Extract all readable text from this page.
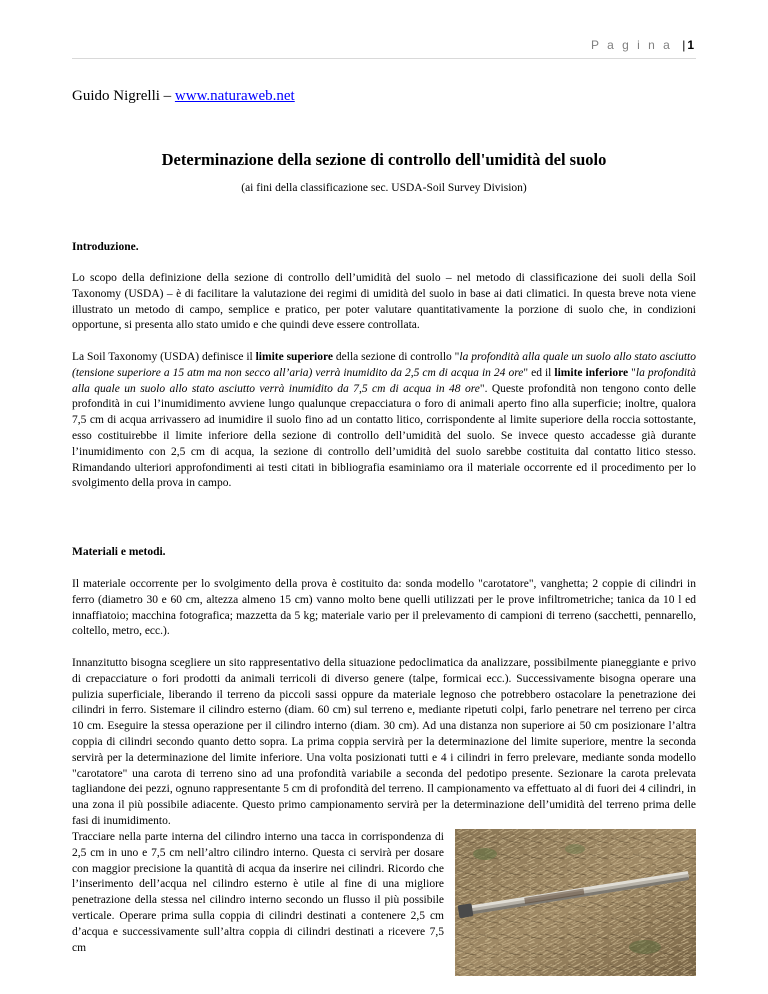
P a g i n a | 1
Guido Nigrelli – www.naturaweb.net
Determinazione della sezione di controllo dell'umidità del suolo
(ai fini della classificazione sec. USDA-Soil Survey Division)
Introduzione.

Lo scopo della definizione della sezione di controllo dell’umidità del suolo – nel metodo di classificazione dei suoli della Soil Taxonomy (USDA) – è di facilitare la valutazione dei regimi di umidità del suolo in base ai dati climatici. In questa breve nota viene illustrato un metodo di campo, semplice e pratico, per poter valutare quantitativamente la porzione di suolo che, in condizioni opportune, si presenta allo stato umido e che quindi deve essere controllata.

La Soil Taxonomy (USDA) definisce il limite superiore della sezione di controllo "la profondità alla quale un suolo allo stato asciutto (tensione superiore a 15 atm ma non secco all’aria) verrà inumidito da 2,5 cm di acqua in 24 ore" ed il limite inferiore "la profondità alla quale un suolo allo stato asciutto verrà inumidito da 7,5 cm di acqua in 48 ore". Queste profondità non tengono conto delle profondità in cui l’inumidimento avviene lungo qualunque crepacciatura o foro di animali aperto fino alla superficie; inoltre, qualora 7,5 cm di acqua arrivassero ad inumidire il suolo fino ad un contatto litico, corrispondente al limite superiore della roccia sottostante, esso costituirebbe il limite inferiore della sezione di controllo dell’umidità del suolo. Se invece questo accadesse già durante l’inumidimento con 2,5 cm di acqua, la sezione di controllo dell’umidità del suolo sarebbe costituita dal contatto litico stesso. Rimandando ulteriori approfondimenti ai testi citati in bibliografia esaminiamo ora il materiale occorrente ed il procedimento per lo svolgimento della prova in campo.

Materiali e metodi.

Il materiale occorrente per lo svolgimento della prova è costituito da: sonda modello "carotatore", vanghetta; 2 coppie di cilindri in ferro (diametro 30 e 60 cm, altezza almeno 15 cm) vanno molto bene quelli utilizzati per le prove infiltrometriche; tanica da 10 l ed innaffiatoio; macchina fotografica; mazzetta da 5 kg; materiale vario per il prelevamento di campioni di terreno (sacchetti, pennarello, coltello, metro, ecc.).

Innanzitutto bisogna scegliere un sito rappresentativo della situazione pedoclimatica da analizzare, possibilmente pianeggiante e privo di crepacciature o fori prodotti da animali terricoli di diverso genere (talpe, formicai ecc.). Successivamente bisogna operare una pulizia superficiale, liberando il terreno da piccoli sassi oppure da materiale legnoso che potrebbero ostacolare la penetrazione dei cilindri in ferro. Sistemare il cilindro esterno (diam. 60 cm) sul terreno e, mediante ripetuti colpi, farlo penetrare nel terreno per circa 10 cm. Eseguire la stessa operazione per il cilindro interno (diam. 30 cm). Ad una distanza non superiore ai 50 cm posizionare l’altra coppia di cilindri secondo quanto detto sopra. La prima coppia servirà per la determinazione del limite superiore, mentre la seconda servirà per la determinazione del limite inferiore. Una volta posizionati tutti e 4 i cilindri in ferro prelevare, mediante sonda modello "carotatore" una carota di terreno sino ad una profondità variabile a seconda del pedotipo presente. Sezionare la carota prelevata tagliandone dei pezzi, ognuno rappresentante 5 cm di profondità del terreno. Il campionamento va effettuato al di fuori dei 4 cilindri, in una zona il più possibile adiacente. Questo primo campionamento servirà per la determinazione dell’umidità del terreno prima delle fasi di inumidimento.

Tracciare nella parte interna del cilindro interno una tacca in corrispondenza di 2,5 cm in uno e 7,5 cm nell’altro cilindro interno. Questa ci servirà per dosare con maggior precisione la quantità di acqua da inserire nei cilindri. Ricordo che l’inserimento dell’acqua nel cilindro esterno è utile al fine di una migliore penetrazione della stessa nel cilindro interno secondo un flusso il più possibile verticale. Operare prima sulla coppia di cilindri destinati a contenere 2,5 cm d’acqua e successivamente sull’altra coppia di cilindri destinati a ricevere 7,5 cm
